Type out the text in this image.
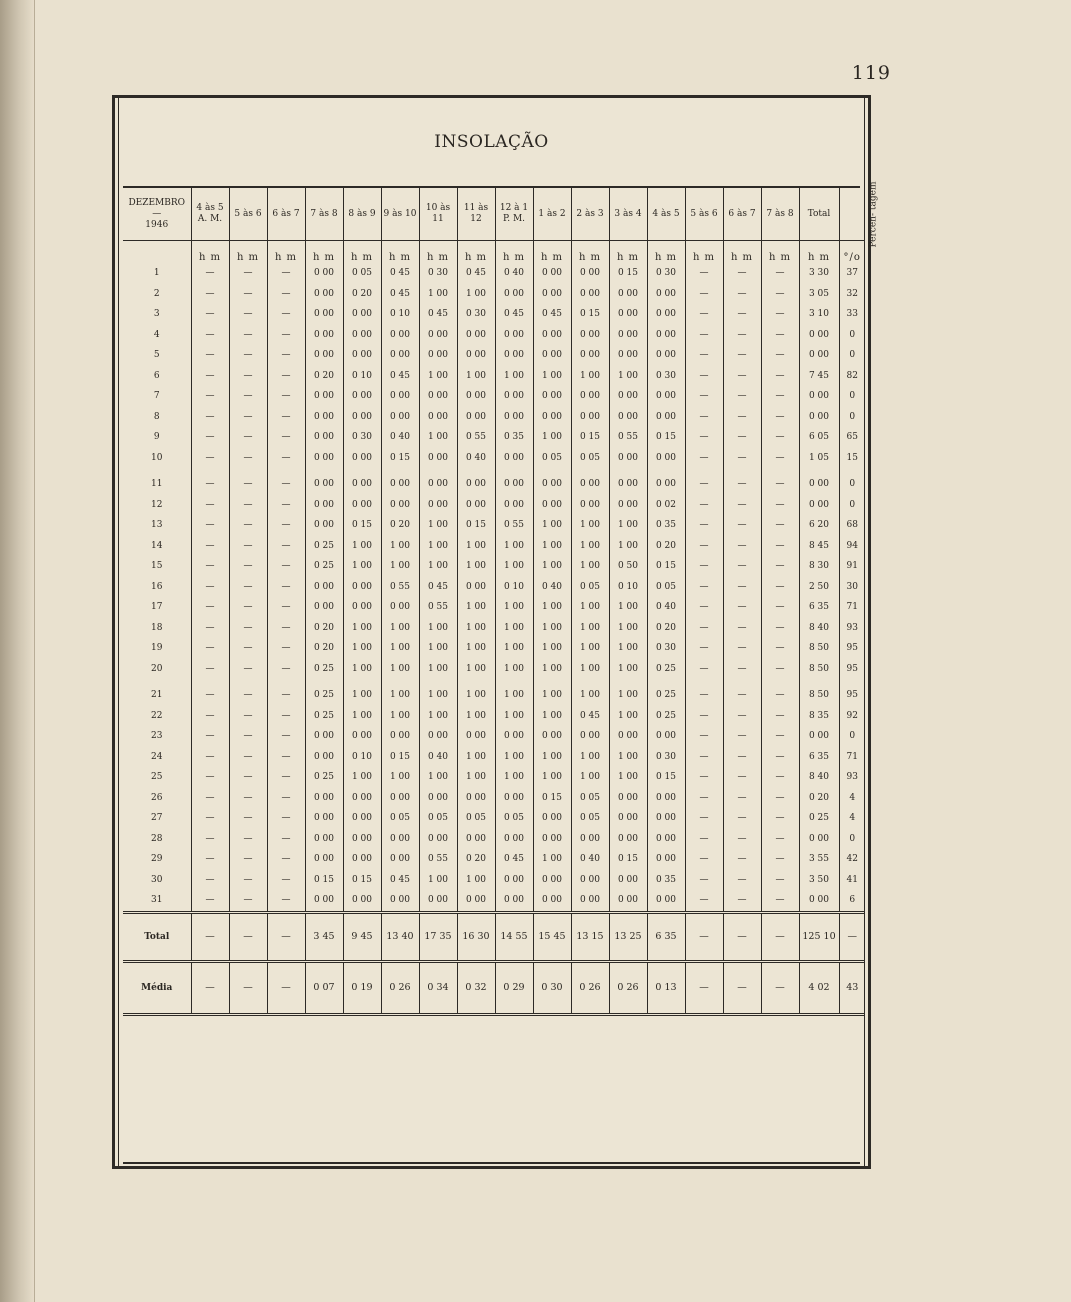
119
INSOLAÇÃO
DEZEMBRO
—
1946	4 às 5
A. M.	5 às 6	6 às 7	7 às 8	8 às 9	9 às 10	10 às 11	11 às 12	12 à 1
P. M.	1 às 2	2 às 3	3 às 4	4 às 5	5 às 6	6 às 7	7 às 8	Total	Percen- tagem
	h m	h m	h m	h m	h m	h m	h m	h m	h m	h m	h m	h m	h m	h m	h m	h m	h m	°/o
1	—	—	—	0 00	0 05	0 45	0 30	0 45	0 40	0 00	0 00	0 15	0 30	—	—	—	3 30	37
2	—	—	—	0 00	0 20	0 45	1 00	1 00	0 00	0 00	0 00	0 00	0 00	—	—	—	3 05	32
3	—	—	—	0 00	0 00	0 10	0 45	0 30	0 45	0 45	0 15	0 00	0 00	—	—	—	3 10	33
4	—	—	—	0 00	0 00	0 00	0 00	0 00	0 00	0 00	0 00	0 00	0 00	—	—	—	0 00	0
5	—	—	—	0 00	0 00	0 00	0 00	0 00	0 00	0 00	0 00	0 00	0 00	—	—	—	0 00	0
6	—	—	—	0 20	0 10	0 45	1 00	1 00	1 00	1 00	1 00	1 00	0 30	—	—	—	7 45	82
7	—	—	—	0 00	0 00	0 00	0 00	0 00	0 00	0 00	0 00	0 00	0 00	—	—	—	0 00	0
8	—	—	—	0 00	0 00	0 00	0 00	0 00	0 00	0 00	0 00	0 00	0 00	—	—	—	0 00	0
9	—	—	—	0 00	0 30	0 40	1 00	0 55	0 35	1 00	0 15	0 55	0 15	—	—	—	6 05	65
10	—	—	—	0 00	0 00	0 15	0 00	0 40	0 00	0 05	0 05	0 00	0 00	—	—	—	1 05	15

11	—	—	—	0 00	0 00	0 00	0 00	0 00	0 00	0 00	0 00	0 00	0 00	—	—	—	0 00	0
12	—	—	—	0 00	0 00	0 00	0 00	0 00	0 00	0 00	0 00	0 00	0 02	—	—	—	0 00	0
13	—	—	—	0 00	0 15	0 20	1 00	0 15	0 55	1 00	1 00	1 00	0 35	—	—	—	6 20	68
14	—	—	—	0 25	1 00	1 00	1 00	1 00	1 00	1 00	1 00	1 00	0 20	—	—	—	8 45	94
15	—	—	—	0 25	1 00	1 00	1 00	1 00	1 00	1 00	1 00	0 50	0 15	—	—	—	8 30	91
16	—	—	—	0 00	0 00	0 55	0 45	0 00	0 10	0 40	0 05	0 10	0 05	—	—	—	2 50	30
17	—	—	—	0 00	0 00	0 00	0 55	1 00	1 00	1 00	1 00	1 00	0 40	—	—	—	6 35	71
18	—	—	—	0 20	1 00	1 00	1 00	1 00	1 00	1 00	1 00	1 00	0 20	—	—	—	8 40	93
19	—	—	—	0 20	1 00	1 00	1 00	1 00	1 00	1 00	1 00	1 00	0 30	—	—	—	8 50	95
20	—	—	—	0 25	1 00	1 00	1 00	1 00	1 00	1 00	1 00	1 00	0 25	—	—	—	8 50	95

21	—	—	—	0 25	1 00	1 00	1 00	1 00	1 00	1 00	1 00	1 00	0 25	—	—	—	8 50	95
22	—	—	—	0 25	1 00	1 00	1 00	1 00	1 00	1 00	0 45	1 00	0 25	—	—	—	8 35	92
23	—	—	—	0 00	0 00	0 00	0 00	0 00	0 00	0 00	0 00	0 00	0 00	—	—	—	0 00	0
24	—	—	—	0 00	0 10	0 15	0 40	1 00	1 00	1 00	1 00	1 00	0 30	—	—	—	6 35	71
25	—	—	—	0 25	1 00	1 00	1 00	1 00	1 00	1 00	1 00	1 00	0 15	—	—	—	8 40	93
26	—	—	—	0 00	0 00	0 00	0 00	0 00	0 00	0 15	0 05	0 00	0 00	—	—	—	0 20	4
27	—	—	—	0 00	0 00	0 05	0 05	0 05	0 05	0 00	0 05	0 00	0 00	—	—	—	0 25	4
28	—	—	—	0 00	0 00	0 00	0 00	0 00	0 00	0 00	0 00	0 00	0 00	—	—	—	0 00	0
29	—	—	—	0 00	0 00	0 00	0 55	0 20	0 45	1 00	0 40	0 15	0 00	—	—	—	3 55	42
30	—	—	—	0 15	0 15	0 45	1 00	1 00	0 00	0 00	0 00	0 00	0 35	—	—	—	3 50	41
31	—	—	—	0 00	0 00	0 00	0 00	0 00	0 00	0 00	0 00	0 00	0 00	—	—	—	0 00	6
Total	—	—	—	3 45	9 45	13 40	17 35	16 30	14 55	15 45	13 15	13 25	6 35	—	—	—	125 10	—
Média	—	—	—	0 07	0 19	0 26	0 34	0 32	0 29	0 30	0 26	0 26	0 13	—	—	—	4 02	43
